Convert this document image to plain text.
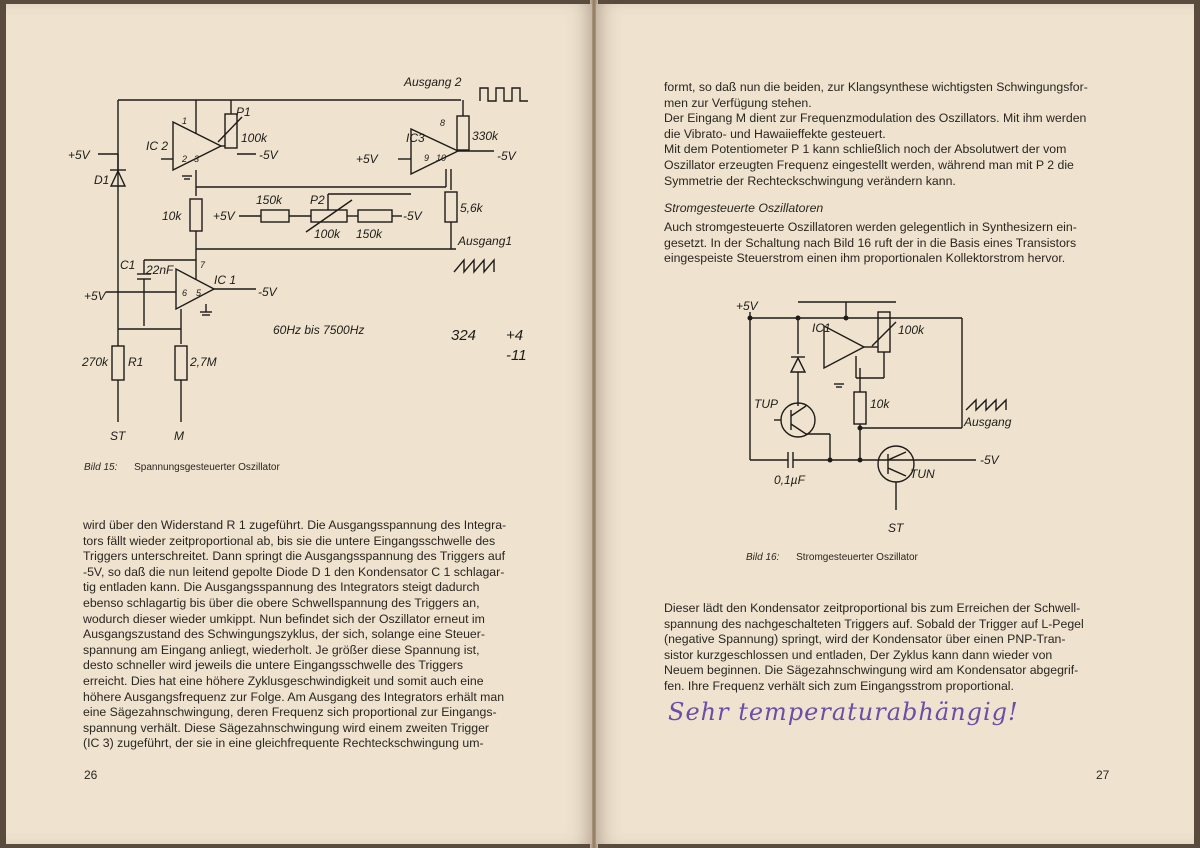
Ausgang 2
P1
IC 2
100k
-5V
+5V
D1
IC3	330k
+5V	-5V
10k	+5V
150k P2
-5V
5,6k
100k 150k	Ausgang1
C1 22nF
IC 1
+5V	-5V
270k R1	2,7M
ST	M
60Hz bis 7500Hz
1
2 3
8
9 10
7
6 5
324 +4
-11
Bild 15: Spannungsgesteuerter Oszillator

wird über den Widerstand R 1 zugeführt. Die Ausgangsspannung des Integra-

tors fällt wieder zeitproportional ab, bis sie die untere Eingangsschwelle des

Triggers unterschreitet. Dann springt die Ausgangsspannung des Triggers auf

-5V, so daß die nun leitend gepolte Diode D 1 den Kondensator C 1 schlagar-

tig entladen kann. Die Ausgangsspannung des Integrators steigt dadurch

ebenso schlagartig bis über die obere Schwellspannung des Triggers an,

wodurch dieser wieder umkippt. Nun befindet sich der Oszillator erneut im

Ausgangszustand des Schwingungszyklus, der sich, solange eine Steuer-

spannung am Eingang anliegt, wiederholt. Je größer diese Spannung ist,

desto schneller wird jeweils die untere Eingangsschwelle des Triggers

erreicht. Dies hat eine höhere Zyklusgeschwindigkeit und somit auch eine

höhere Ausgangsfrequenz zur Folge. Am Ausgang des Integrators erhält man

eine Sägezahnschwingung, deren Frequenz sich proportional zur Eingangs-

spannung verhält. Diese Sägezahnschwingung wird einem zweiten Trigger

(IC 3) zugeführt, der sie in eine gleichfrequente Rechteckschwingung um-

26

formt, so daß nun die beiden, zur Klangsynthese wichtigsten Schwingungsfor-

men zur Verfügung stehen.

Der Eingang M dient zur Frequenzmodulation des Oszillators. Mit ihm werden

die Vibrato- und Hawaiieffekte gesteuert.

Mit dem Potentiometer P 1 kann schließlich noch der Absolutwert der vom

Oszillator erzeugten Frequenz eingestellt werden, während man mit P 2 die

Symmetrie der Rechteckschwingung verändern kann.

Stromgesteuerte Oszillatoren

Auch stromgesteuerte Oszillatoren werden gelegentlich in Synthesizern ein-

gesetzt. In der Schaltung nach Bild 16 ruft der in die Basis eines Transistors

eingespeiste Steuerstrom einen ihm proportionalen Kollektorstrom hervor.

+5V
IC1	100k
TUP	10k
Ausgang
-5V
0,1µF	TUN
ST
Bild 16: Stromgesteuerter Oszillator

Dieser lädt den Kondensator zeitproportional bis zum Erreichen der Schwell-

spannung des nachgeschalteten Triggers auf. Sobald der Trigger auf L-Pegel

(negative Spannung) springt, wird der Kondensator über einen PNP-Tran-

sistor kurzgeschlossen und entladen, Der Zyklus kann dann wieder von

Neuem beginnen. Die Sägezahnschwingung wird am Kondensator abgegrif-

fen. Ihre Frequenz verhält sich zum Eingangsstrom proportional.

Sehr temperaturabhängig!
27
